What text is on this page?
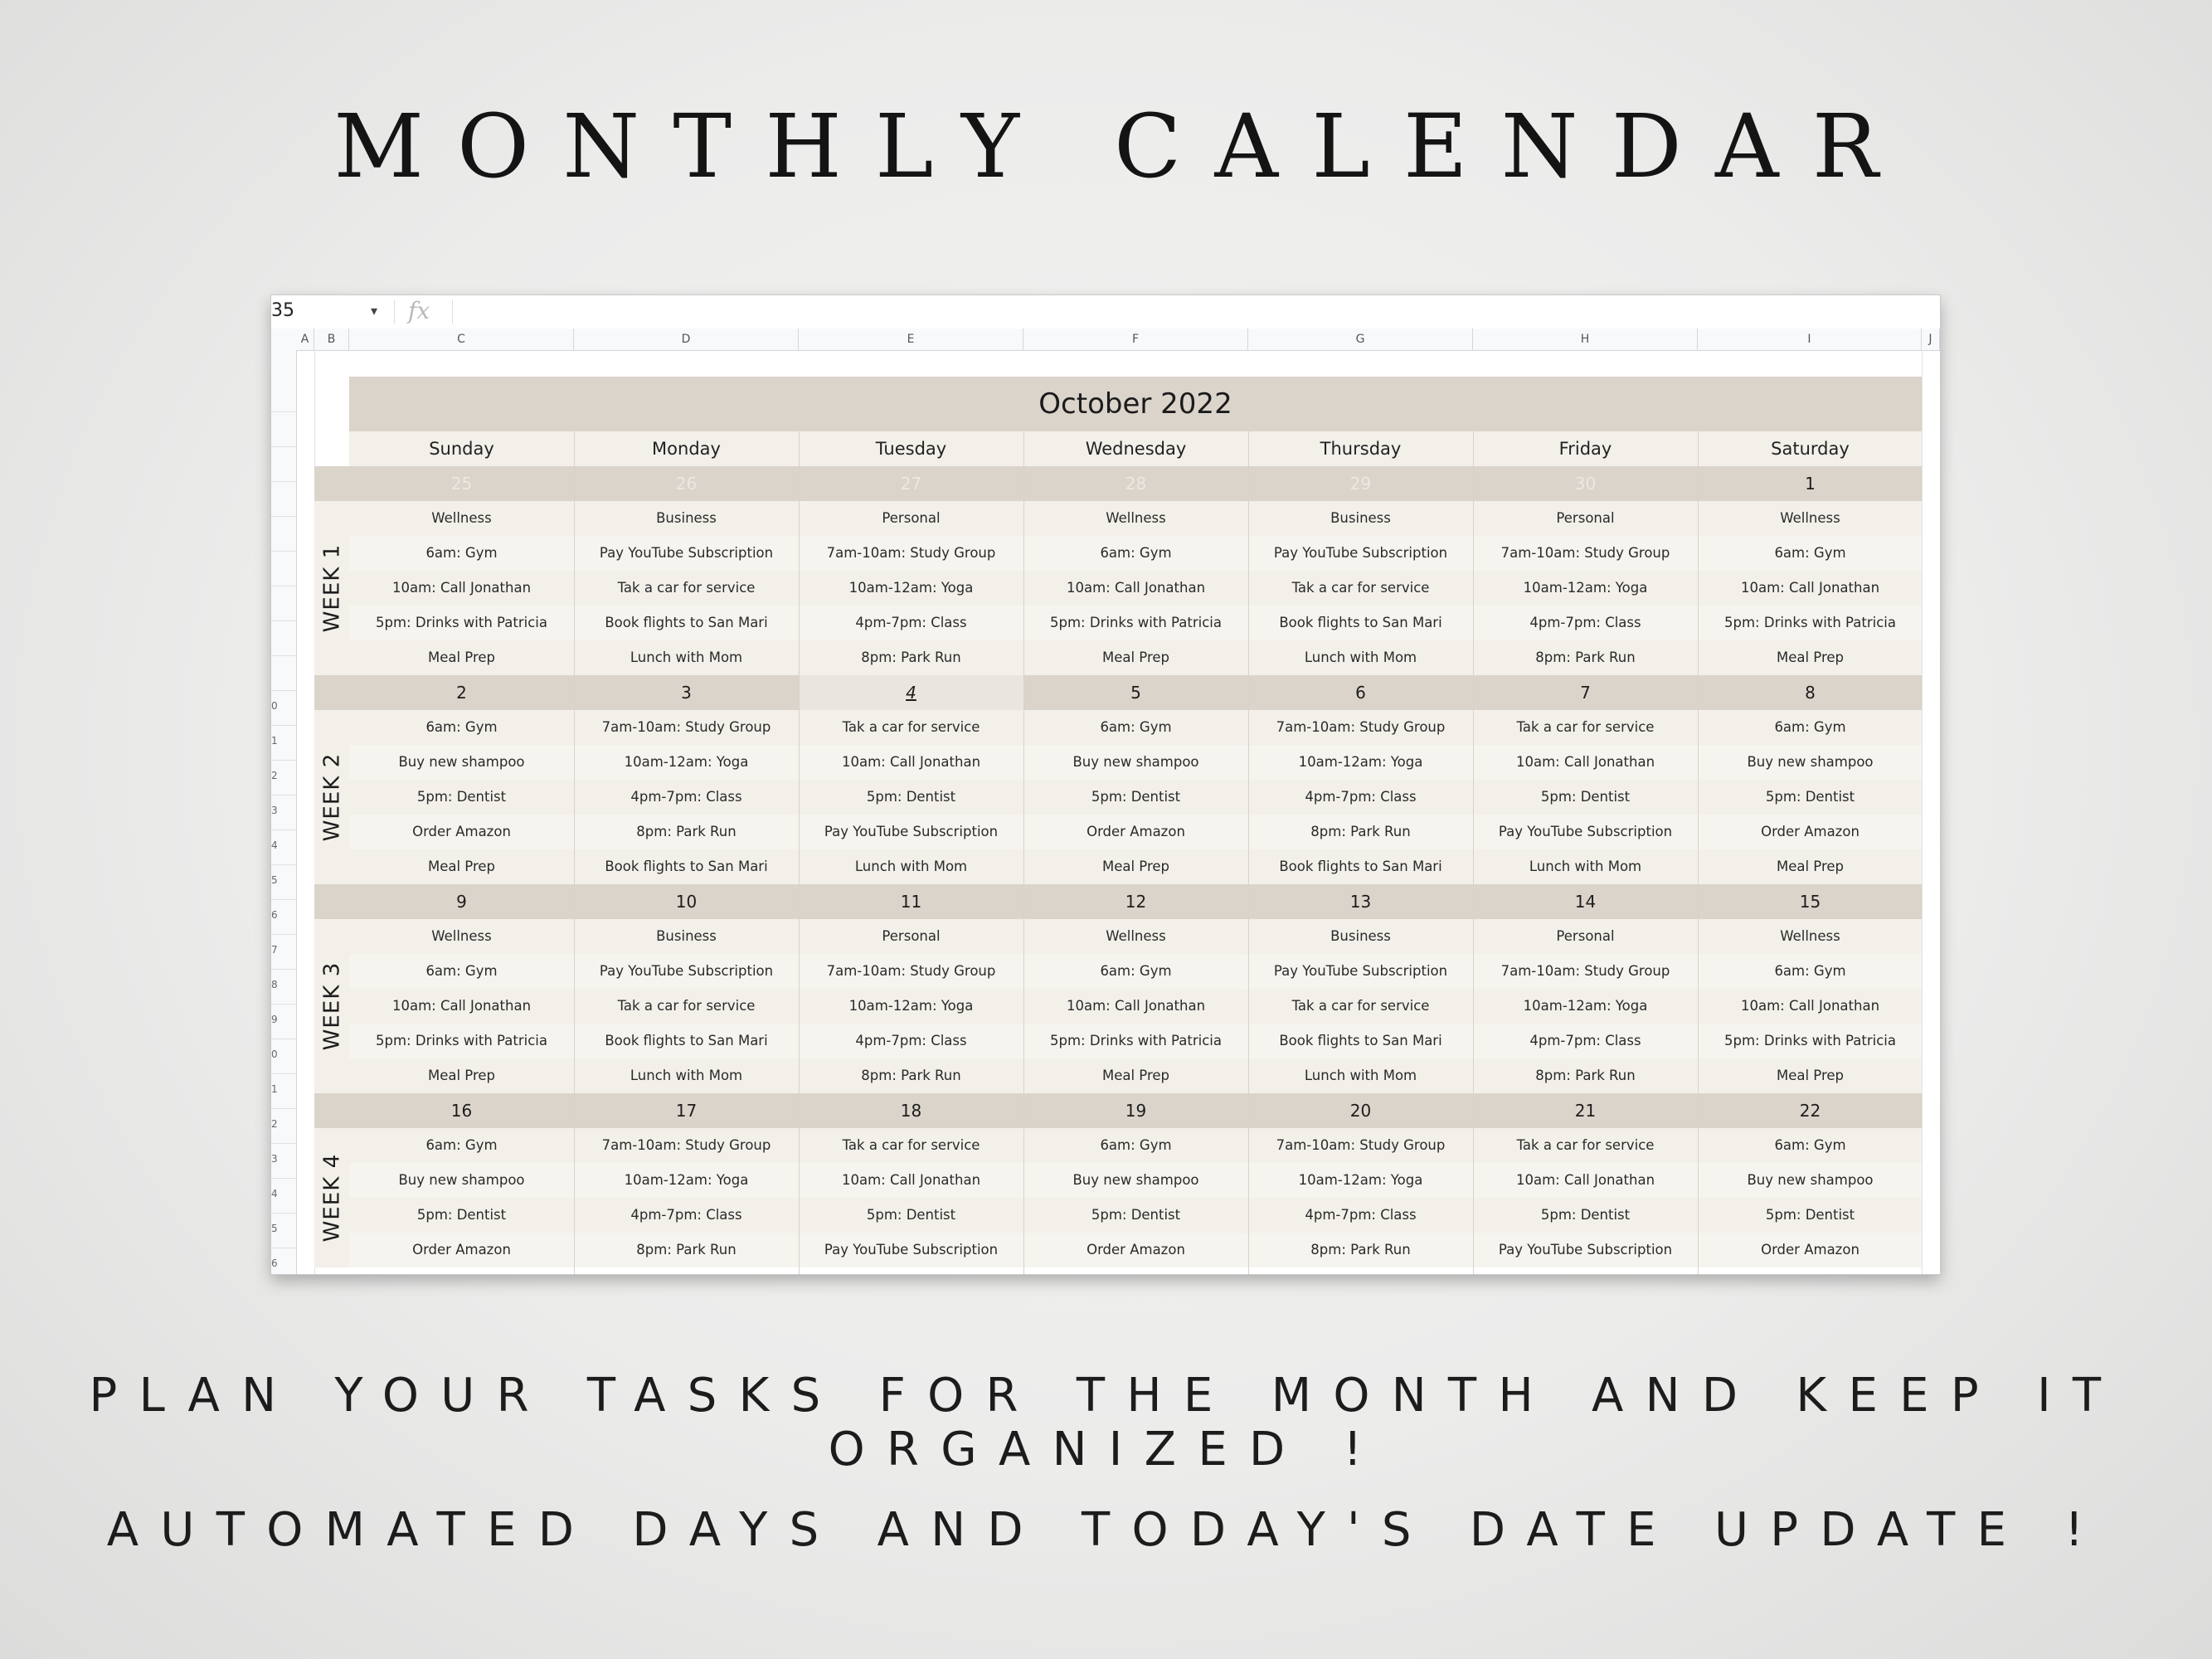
MONTHLY CALENDAR
35	▾ fx
A	B	C	D	E	F	G	H	I	J
0
1
2
3
4
5
6
7
8
9
0
1
2
3
4
5
6
October 2022
Sunday	Monday	Tuesday	Wednesday	Thursday	Friday	Saturday
25	26	27	28	29	30	1
Wellness	Business	Personal	Wellness	Business	Personal	Wellness
6am: Gym	Pay YouTube Subscription	7am-10am: Study Group	6am: Gym	Pay YouTube Subscription	7am-10am: Study Group	6am: Gym
10am: Call Jonathan	Tak a car for service	10am-12am: Yoga	10am: Call Jonathan	Tak a car for service	10am-12am: Yoga	10am: Call Jonathan
5pm: Drinks with Patricia	Book flights to San Mari	4pm-7pm: Class	5pm: Drinks with Patricia	Book flights to San Mari	4pm-7pm: Class	5pm: Drinks with Patricia
Meal Prep	Lunch with Mom	8pm: Park Run	Meal Prep	Lunch with Mom	8pm: Park Run	Meal Prep
WEEK 1
2	3	4	5	6	7	8
6am: Gym	7am-10am: Study Group	Tak a car for service	6am: Gym	7am-10am: Study Group	Tak a car for service	6am: Gym
Buy new shampoo	10am-12am: Yoga	10am: Call Jonathan	Buy new shampoo	10am-12am: Yoga	10am: Call Jonathan	Buy new shampoo
5pm: Dentist	4pm-7pm: Class	5pm: Dentist	5pm: Dentist	4pm-7pm: Class	5pm: Dentist	5pm: Dentist
Order Amazon	8pm: Park Run	Pay YouTube Subscription	Order Amazon	8pm: Park Run	Pay YouTube Subscription	Order Amazon
Meal Prep	Book flights to San Mari	Lunch with Mom	Meal Prep	Book flights to San Mari	Lunch with Mom	Meal Prep
WEEK 2
9	10	11	12	13	14	15
Wellness	Business	Personal	Wellness	Business	Personal	Wellness
6am: Gym	Pay YouTube Subscription	7am-10am: Study Group	6am: Gym	Pay YouTube Subscription	7am-10am: Study Group	6am: Gym
10am: Call Jonathan	Tak a car for service	10am-12am: Yoga	10am: Call Jonathan	Tak a car for service	10am-12am: Yoga	10am: Call Jonathan
5pm: Drinks with Patricia	Book flights to San Mari	4pm-7pm: Class	5pm: Drinks with Patricia	Book flights to San Mari	4pm-7pm: Class	5pm: Drinks with Patricia
Meal Prep	Lunch with Mom	8pm: Park Run	Meal Prep	Lunch with Mom	8pm: Park Run	Meal Prep
WEEK 3
16	17	18	19	20	21	22
6am: Gym	7am-10am: Study Group	Tak a car for service	6am: Gym	7am-10am: Study Group	Tak a car for service	6am: Gym
Buy new shampoo	10am-12am: Yoga	10am: Call Jonathan	Buy new shampoo	10am-12am: Yoga	10am: Call Jonathan	Buy new shampoo
5pm: Dentist	4pm-7pm: Class	5pm: Dentist	5pm: Dentist	4pm-7pm: Class	5pm: Dentist	5pm: Dentist
Order Amazon	8pm: Park Run	Pay YouTube Subscription	Order Amazon	8pm: Park Run	Pay YouTube Subscription	Order Amazon
WEEK 4
PLAN YOUR TASKS FOR THE MONTH AND KEEP IT ORGANIZED !
AUTOMATED DAYS AND TODAY'S DATE UPDATE !
